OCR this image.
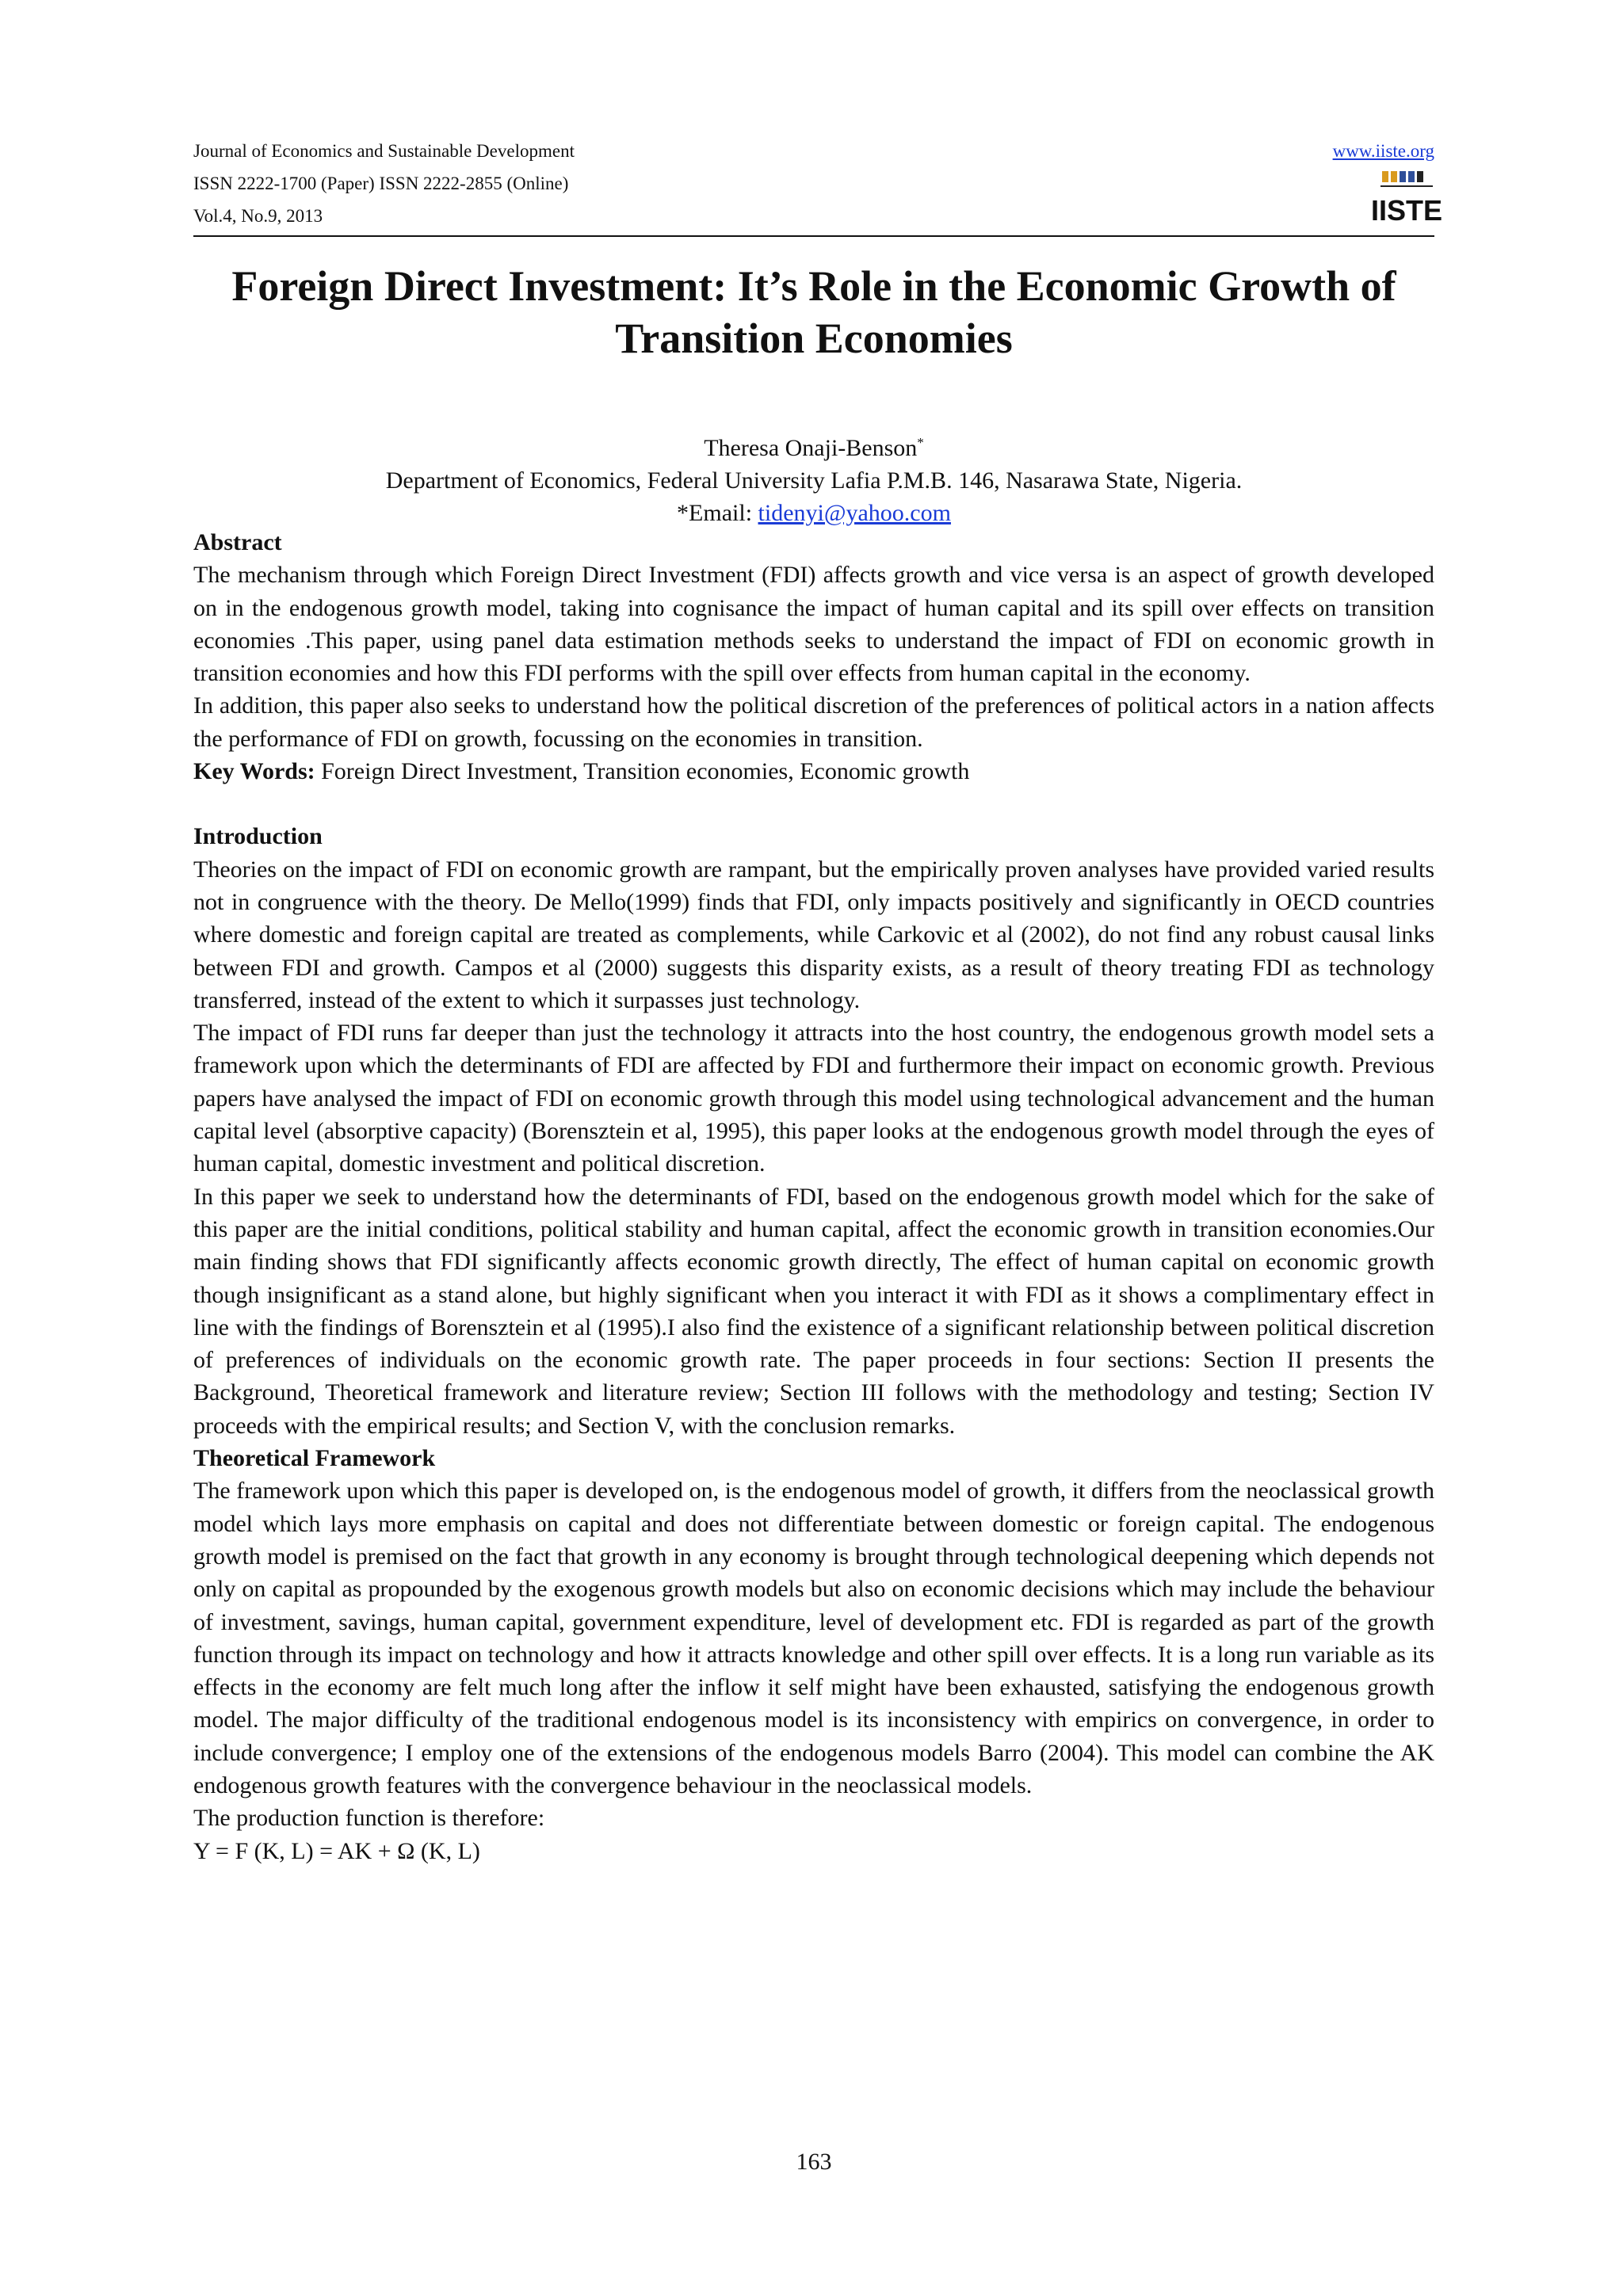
Journal of Economics and Sustainable Development
ISSN 2222-1700 (Paper) ISSN 2222-2855 (Online)
Vol.4, No.9, 2013
www.iiste.org
IISTE
Foreign Direct Investment: It’s Role in the Economic Growth of Transition Economies
Theresa Onaji-Benson*
Department of Economics, Federal University Lafia P.M.B. 146, Nasarawa State, Nigeria.
*Email: tidenyi@yahoo.com

Abstract

The mechanism through which Foreign Direct Investment (FDI) affects growth and vice versa is an aspect of growth developed on in the endogenous growth model, taking into cognisance the impact of human capital and its spill over effects on transition economies .This paper, using panel data estimation methods seeks to understand the impact of FDI on economic growth in transition economies and how this FDI performs with the spill over effects from human capital in the economy.

In addition, this paper also seeks to understand how the political discretion of the preferences of political actors in a nation affects the performance of FDI on growth, focussing on the economies in transition.

Key Words: Foreign Direct Investment, Transition economies, Economic growth

Introduction

Theories on the impact of FDI on economic growth are rampant, but the empirically proven analyses have provided varied results not in congruence with the theory. De Mello(1999) finds that FDI, only impacts positively and significantly in OECD countries where domestic and foreign capital are treated as complements, while Carkovic et al (2002), do not find any robust causal links between FDI and growth. Campos et al (2000) suggests this disparity exists, as a result of theory treating FDI as technology transferred, instead of the extent to which it surpasses just technology.

The impact of FDI runs far deeper than just the technology it attracts into the host country, the endogenous growth model sets a framework upon which the determinants of FDI are affected by FDI and furthermore their impact on economic growth. Previous papers have analysed the impact of FDI on economic growth through this model using technological advancement and the human capital level (absorptive capacity) (Borensztein et al, 1995), this paper looks at the endogenous growth model through the eyes of human capital, domestic investment and political discretion.

In this paper we seek to understand how the determinants of FDI, based on the endogenous growth model which for the sake of this paper are the initial conditions, political stability and human capital, affect the economic growth in transition economies.Our main finding shows that FDI significantly affects economic growth directly, The effect of human capital on economic growth though insignificant as a stand alone, but highly significant when you interact it with FDI as it shows a complimentary effect in line with the findings of Borensztein et al (1995).I also find the existence of a significant relationship between political discretion of preferences of individuals on the economic growth rate. The paper proceeds in four sections: Section II presents the Background, Theoretical framework and literature review; Section III follows with the methodology and testing; Section IV proceeds with the empirical results; and Section V, with the conclusion remarks.

Theoretical Framework

The framework upon which this paper is developed on, is the endogenous model of growth, it differs from the neoclassical growth model which lays more emphasis on capital and does not differentiate between domestic or foreign capital. The endogenous growth model is premised on the fact that growth in any economy is brought through technological deepening which depends not only on capital as propounded by the exogenous growth models but also on economic decisions which may include the behaviour of investment, savings, human capital, government expenditure, level of development etc. FDI is regarded as part of the growth function through its impact on technology and how it attracts knowledge and other spill over effects. It is a long run variable as its effects in the economy are felt much long after the inflow it self might have been exhausted, satisfying the endogenous growth model. The major difficulty of the traditional endogenous model is its inconsistency with empirics on convergence, in order to include convergence; I employ one of the extensions of the endogenous models Barro (2004). This model can combine the AK endogenous growth features with the convergence behaviour in the neoclassical models.

The production function is therefore:

Y = F (K, L) = AK + Ω (K, L)

163
